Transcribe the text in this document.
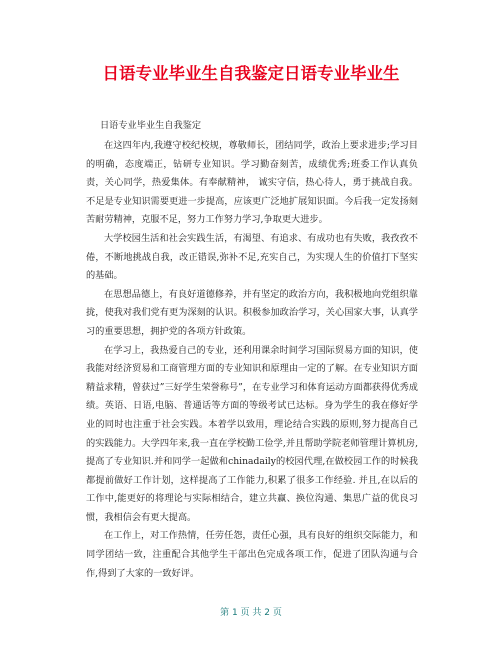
日语专业毕业生自我鉴定日语专业毕业生
日语专业毕业生自我鉴定

在这四年内,我遵守校纪校规，尊敬师长，团结同学，政治上要求进步;学习目的明确，态度端正，钻研专业知识。学习勤奋刻苦，成绩优秀;班委工作认真负责，关心同学，热爱集体。有奉献精神， 诚实守信，热心待人，勇于挑战自我。不足是专业知识需要更进一步提高，应该更广泛地扩展知识面。今后我一定发扬刻苦耐劳精神，克服不足，努力工作努力学习,争取更大进步。

大学校园生活和社会实践生活，有渴望、有追求、有成功也有失败，我孜孜不倦，不断地挑战自我，改正错误,弥补不足,充实自己，为实现人生的价值打下坚实的基础。

在思想品德上，有良好道德修养，并有坚定的政治方向，我积极地向党组织靠拢，使我对我们党有更为深刻的认识。积极参加政治学习，关心国家大事，认真学习的重要思想，拥护党的各项方针政策。

在学习上，我热爱自己的专业，还利用课余时间学习国际贸易方面的知识，使我能对经济贸易和工商管理方面的专业知识和原理由一定的了解。在专业知识方面精益求精，曾获过”三好学生荣誉称号”，在专业学习和体育运动方面都获得优秀成绩。英语、日语,电脑、普通话等方面的等级考试已达标。身为学生的我在修好学业的同时也注重于社会实践。本着学以致用，理论结合实践的原则,努力提高自己的实践能力。大学四年来,我一直在学校勤工俭学,并且帮助学院老师管理计算机房,提高了专业知识.并和同学一起做和chinadaily的校园代理,在做校园工作的时候我都提前做好工作计划，这样提高了工作能力,积累了很多工作经验. 并且,在以后的工作中,能更好的将理论与实际相结合，建立共赢、换位沟通、集思广益的优良习惯，我相信会有更大提高。

在工作上，对工作热情，任劳任怨，责任心强，具有良好的组织交际能力，和同学团结一致，注重配合其他学生干部出色完成各项工作，促进了团队沟通与合作,得到了大家的一致好评。

第 1 页 共 2 页
